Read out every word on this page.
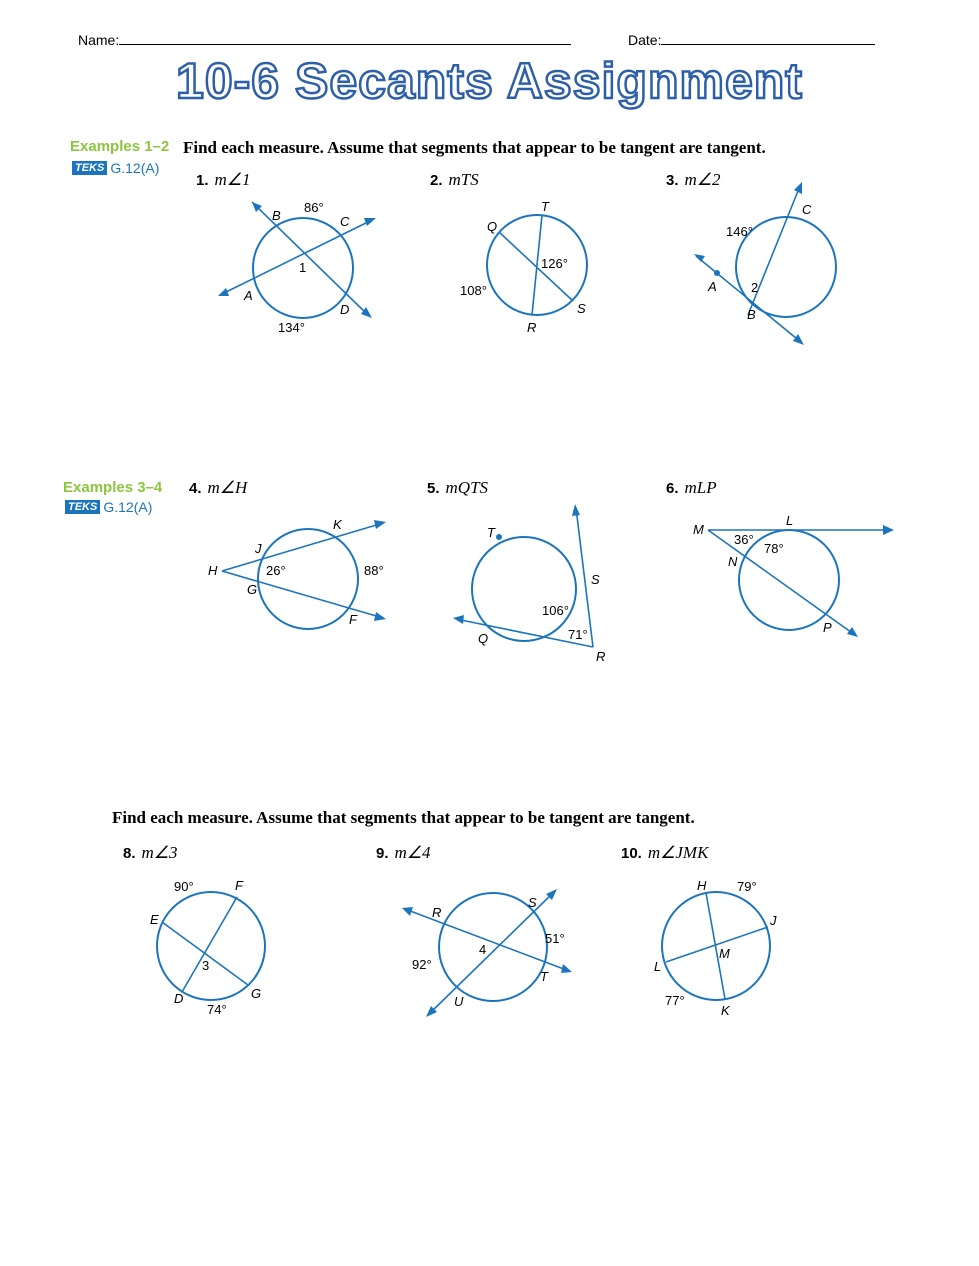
Name:	Date:
10-6 Secants Assignment
Examples 1–2
TEKS G.12(A)
Find each measure. Assume that segments that appear to be tangent are tangent.
1. m∠1	2. mTS	3. m∠2
Examples 3–4
TEKS G.12(A)
4. m∠H	5. mQTS	6. mLP
Find each measure. Assume that segments that appear to be tangent are tangent.
8. m∠3	9. m∠4	10. m∠JMK
B
86°
C
1
A
D
134°
T
Q
126°
108°
S
R
C
146°
A	2
B
K
J
H	26°	88°
G
F
T
S
106°
71°
Q
R
M
L
36°
78°
N
P
90°	F
E
3
D	G
74°
R
S
51°
4
92°
T
U
H 79°
J
M
L
77°
K
